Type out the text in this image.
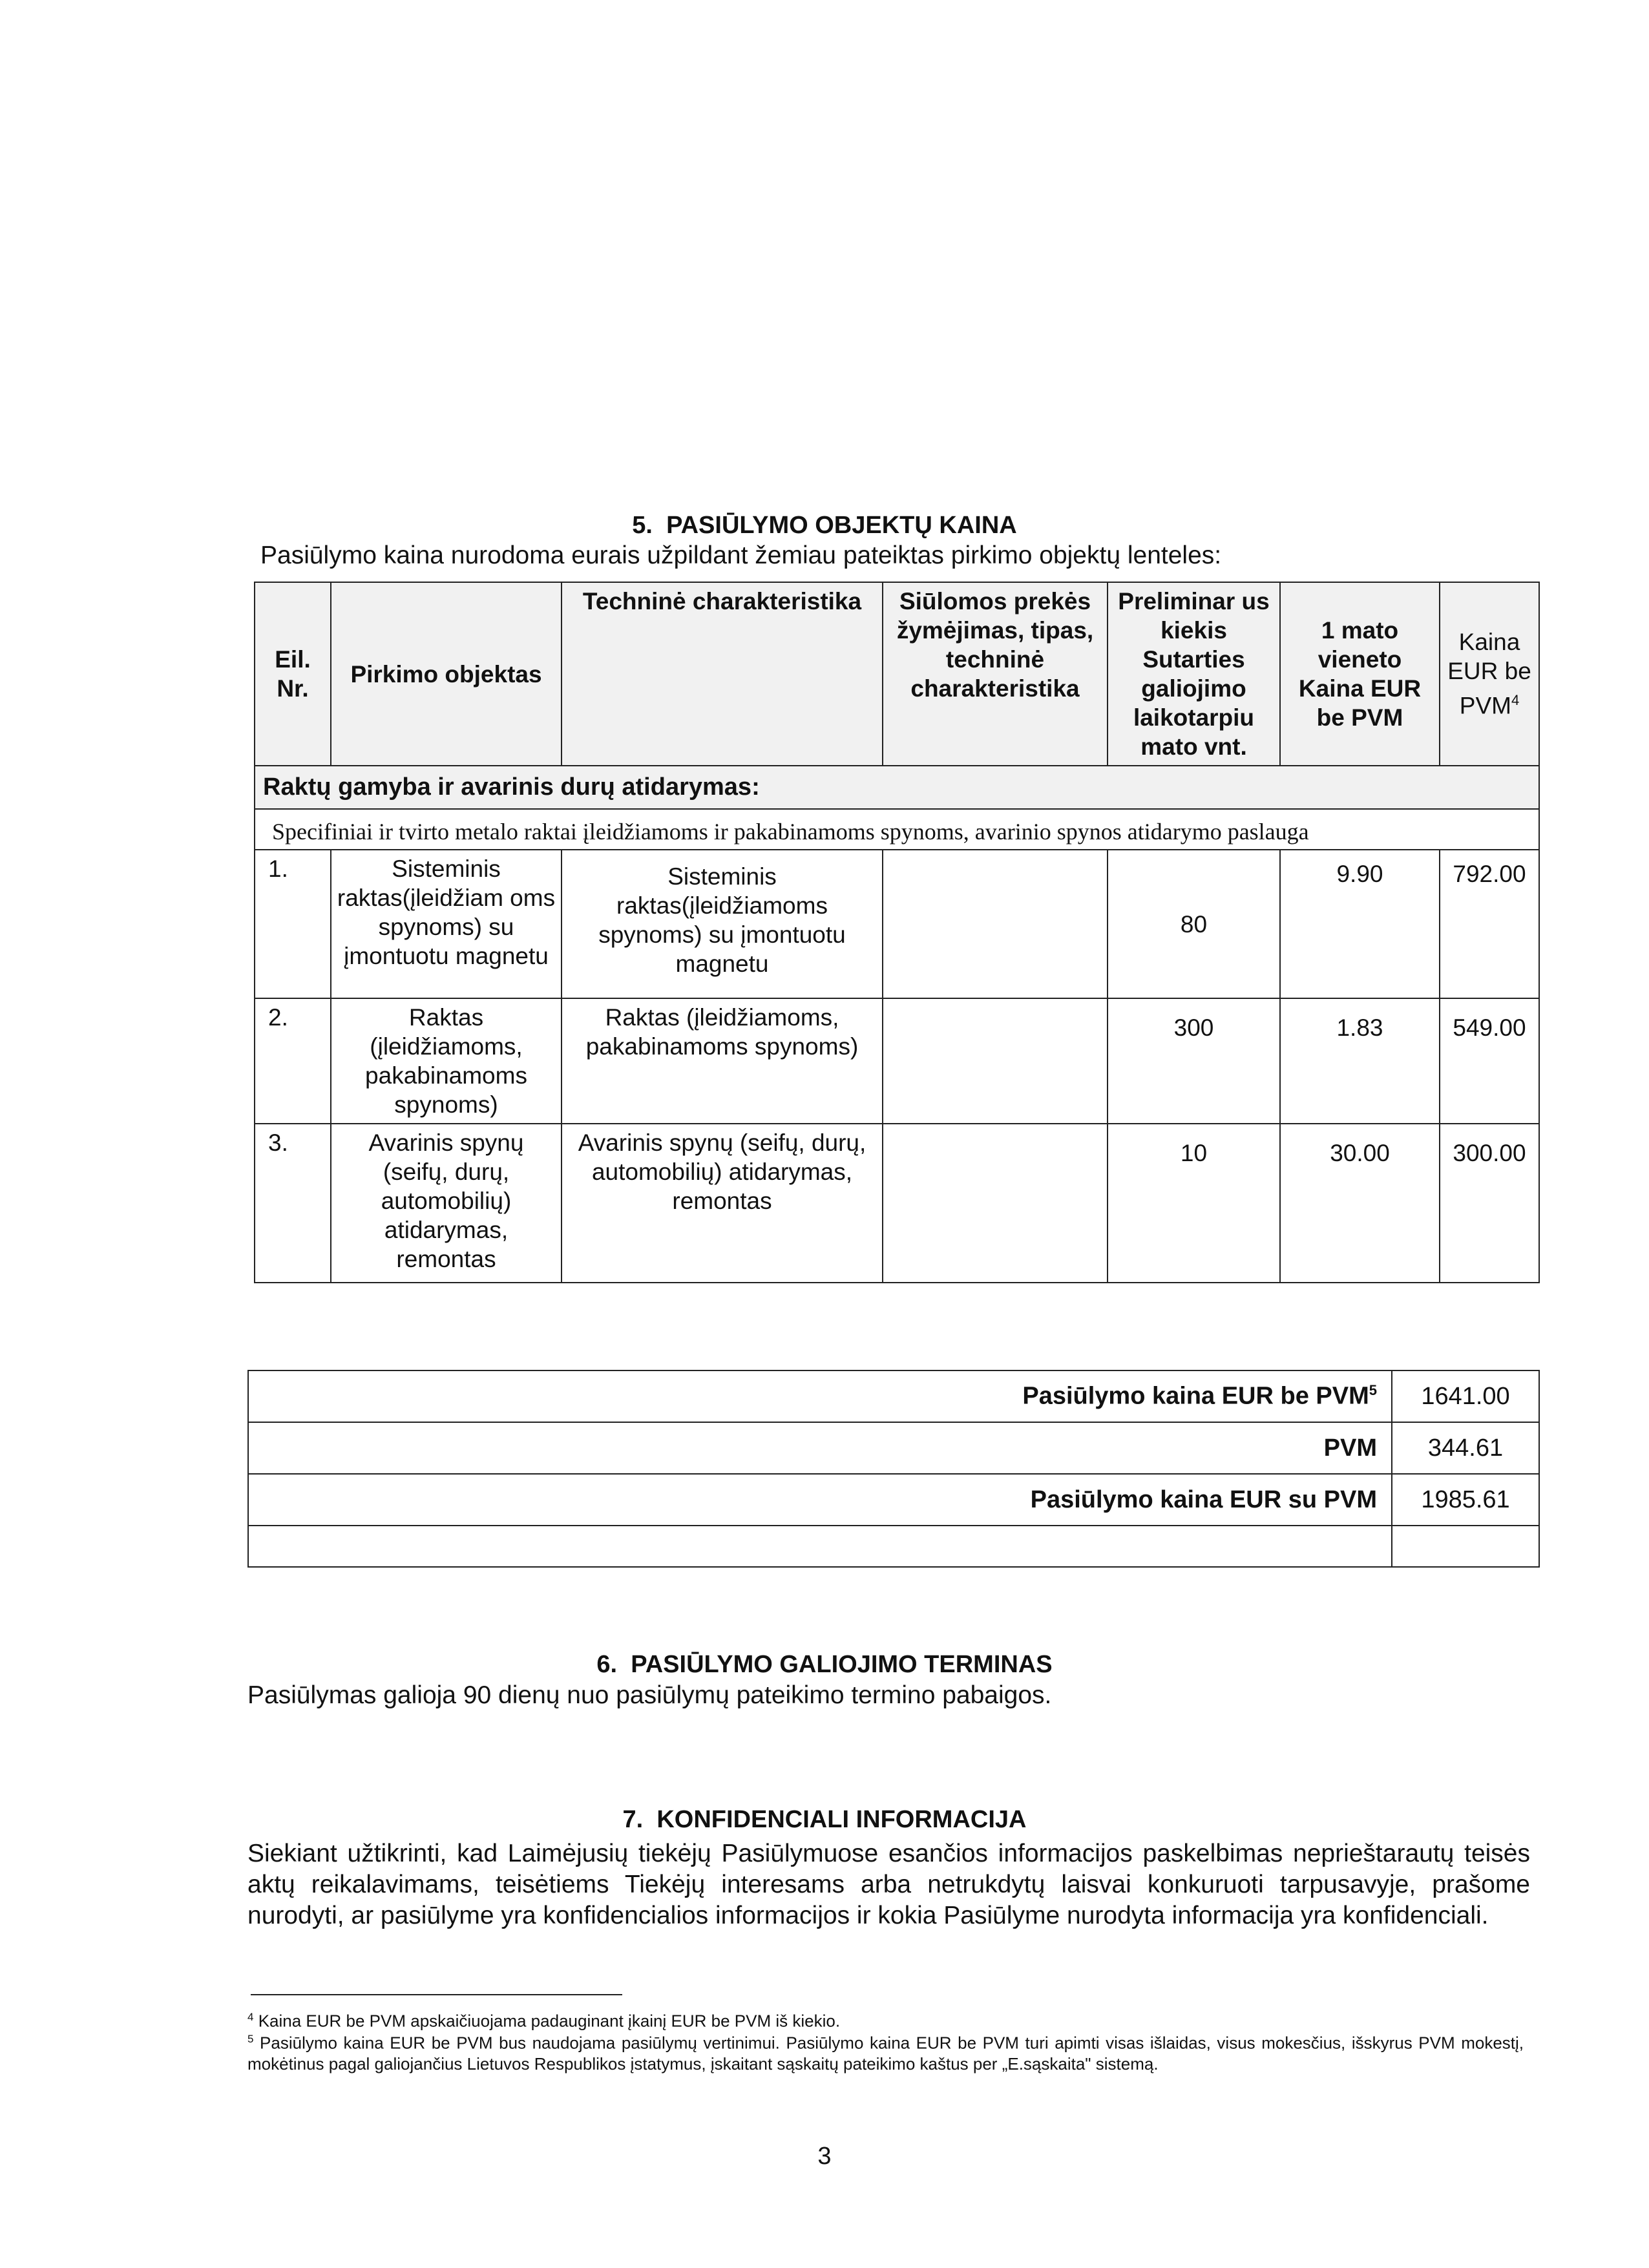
5. PASIŪLYMO OBJEKTŲ KAINA
Pasiūlymo kaina nurodoma eurais užpildant žemiau pateiktas pirkimo objektų lenteles:
Eil. Nr.	Pirkimo objektas	Techninė charakteristika	Siūlomos prekės žymėjimas, tipas, techninė charakteristika	Preliminar us kiekis Sutarties galiojimo laikotarpiu mato vnt.	1 mato vieneto Kaina EUR be PVM	Kaina EUR be PVM$^4$
Raktų gamyba ir avarinis durų atidarymas:						
Specifiniai ir tvirto metalo raktai įleidžiamoms ir pakabinamoms spynoms, avarinio spynos atidarymo paslauga						
1.	Sisteminis raktas(įleidžiam oms spynoms) su įmontuotu magnetu	Sisteminis raktas(įleidžiamoms spynoms) su įmontuotu magnetu		80	9.90	792.00
2.	Raktas (įleidžiamoms, pakabinamoms spynoms)	Raktas (įleidžiamoms, pakabinamoms spynoms)		300	1.83	549.00
3.	Avarinis spynų (seifų, durų, automobilių) atidarymas, remontas	Avarinis spynų (seifų, durų, automobilių) atidarymas, remontas		10	30.00	300.00
Pasiūlymo kaina EUR be PVM$^5$	1641.00
PVM	344.61
Pasiūlymo kaina EUR su PVM	1985.61

6. PASIŪLYMO GALIOJIMO TERMINAS
Pasiūlymas galioja 90 dienų nuo pasiūlymų pateikimo termino pabaigos.
7. KONFIDENCIALI INFORMACIJA
Siekiant užtikrinti, kad Laimėjusių tiekėjų Pasiūlymuose esančios informacijos paskelbimas neprieštarautų teisės aktų reikalavimams, teisėtiems Tiekėjų interesams arba netrukdytų laisvai konkuruoti tarpusavyje, prašome nurodyti, ar pasiūlyme yra konfidencialios informacijos ir kokia Pasiūlyme nurodyta informacija yra konfidenciali.
$^4$ Kaina EUR be PVM apskaičiuojama padauginant įkainį EUR be PVM iš kiekio.
$^5$ Pasiūlymo kaina EUR be PVM bus naudojama pasiūlymų vertinimui. Pasiūlymo kaina EUR be PVM turi apimti visas išlaidas, visus mokesčius, išskyrus PVM mokestį, mokėtinus pagal galiojančius Lietuvos Respublikos įstatymus, įskaitant sąskaitų pateikimo kaštus per „E.sąskaita" sistemą.
3
